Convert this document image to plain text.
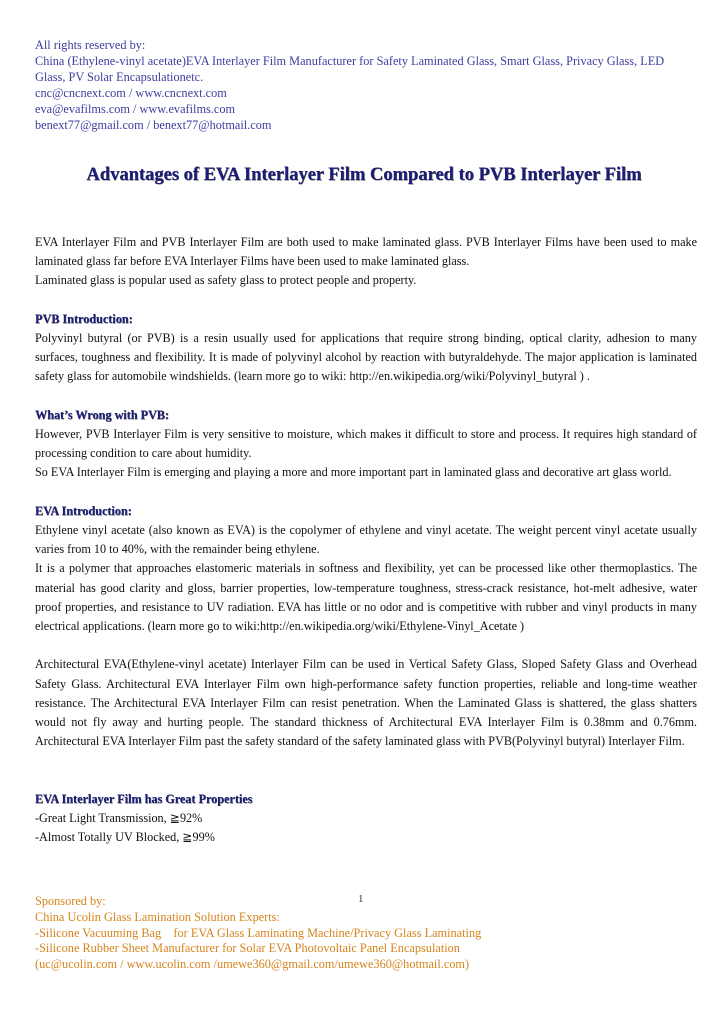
All rights reserved by:
China (Ethylene-vinyl acetate)EVA Interlayer Film Manufacturer for Safety Laminated Glass, Smart Glass, Privacy Glass, LED
Glass, PV Solar Encapsulationetc.
cnc@cncnext.com / www.cncnext.com
eva@evafilms.com / www.evafilms.com
benext77@gmail.com / benext77@hotmail.com
Advantages of EVA Interlayer Film Compared to PVB Interlayer Film

EVA Interlayer Film and PVB Interlayer Film are both used to make laminated glass. PVB Interlayer Films have been used to make laminated glass far before EVA Interlayer Films have been used to make laminated glass.

Laminated glass is popular used as safety glass to protect people and property.

PVB Introduction:

Polyvinyl butyral (or PVB) is a resin usually used for applications that require strong binding, optical clarity, adhesion to many surfaces, toughness and flexibility. It is made of polyvinyl alcohol by reaction with butyraldehyde. The major application is laminated safety glass for automobile windshields. (learn more go to wiki: http://en.wikipedia.org/wiki/Polyvinyl_butyral ) .

What’s Wrong with PVB:

However, PVB Interlayer Film is very sensitive to moisture, which makes it difficult to store and process. It requires high standard of processing condition to care about humidity.

So EVA Interlayer Film is emerging and playing a more and more important part in laminated glass and decorative art glass world.

EVA Introduction:

Ethylene vinyl acetate (also known as EVA) is the copolymer of ethylene and vinyl acetate. The weight percent vinyl acetate usually varies from 10 to 40%, with the remainder being ethylene.

It is a polymer that approaches elastomeric materials in softness and flexibility, yet can be processed like other thermoplastics. The material has good clarity and gloss, barrier properties, low-temperature toughness, stress-crack resistance, hot-melt adhesive, water proof properties, and resistance to UV radiation. EVA has little or no odor and is competitive with rubber and vinyl products in many electrical applications. (learn more go to wiki:http://en.wikipedia.org/wiki/Ethylene-Vinyl_Acetate )

Architectural EVA(Ethylene-vinyl acetate) Interlayer Film can be used in Vertical Safety Glass, Sloped Safety Glass and Overhead Safety Glass. Architectural EVA Interlayer Film own high-performance safety function properties, reliable and long-time weather resistance. The Architectural EVA Interlayer Film can resist penetration. When the Laminated Glass is shattered, the glass shatters would not fly away and hurting people. The standard thickness of Architectural EVA Interlayer Film is 0.38mm and 0.76mm. Architectural EVA Interlayer Film past the safety standard of the safety laminated glass with PVB(Polyvinyl butyral) Interlayer Film.

EVA Interlayer Film has Great Properties

-Great Light Transmission, ≧92%

-Almost Totally UV Blocked, ≧99%

1
Sponsored by:
China Ucolin Glass Lamination Solution Experts:
-Silicone Vacuuming Bag    for EVA Glass Laminating Machine/Privacy Glass Laminating
-Silicone Rubber Sheet Manufacturer for Solar EVA Photovoltaic Panel Encapsulation
(uc@ucolin.com / www.ucolin.com /umewe360@gmail.com/umewe360@hotmail.com)
